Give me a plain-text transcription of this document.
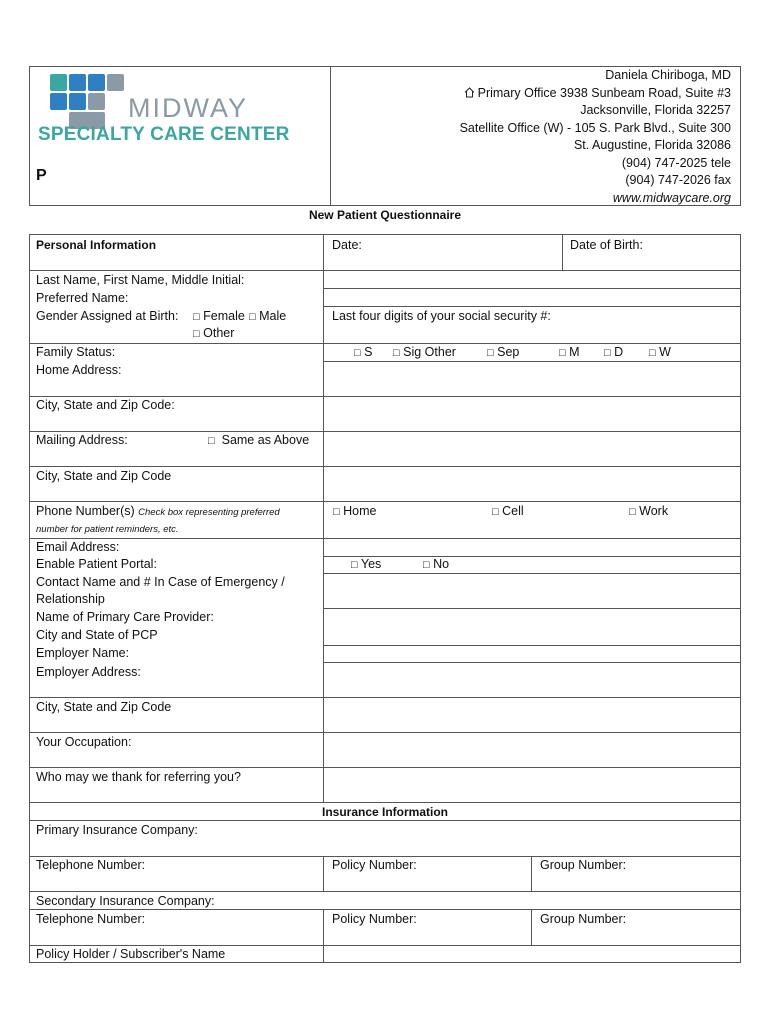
MIDWAY
SPECIALTY CARE CENTER
P
Daniela Chiriboga, MD
Primary Office 3938 Sunbeam Road, Suite #3
Jacksonville, Florida 32257
Satellite Office (W) - 105 S. Park Blvd., Suite 300
St. Augustine, Florida 32086
(904) 747-2025 tele
(904) 747-2026 fax
www.midwaycare.org
New Patient Questionnaire
Personal Information	Date:	Date of Birth:
Last Name, First Name, Middle Initial:
Preferred Name:
Gender Assigned at Birth: □ Female □ Male
□ Other
Last four digits of your social security #:
Family Status:	□ S □ Sig Other	□ Sep	□ M □ D □ W
Home Address:
City, State and Zip Code:
Mailing Address:	□ Same as Above
City, State and Zip Code
Phone Number(s) Check box representing preferred
number for patient reminders, etc.
□ Home	□ Cell	□ Work
Email Address:
Enable Patient Portal:	□ Yes	□ No
Contact Name and # In Case of Emergency /
Relationship
Name of Primary Care Provider:
City and State of PCP
Employer Name:
Employer Address:
City, State and Zip Code
Your Occupation:
Who may we thank for referring you?
Insurance Information
Primary Insurance Company:
Telephone Number:	Policy Number:	Group Number:
Secondary Insurance Company:
Telephone Number:	Policy Number:	Group Number:
Policy Holder / Subscriber's Name
